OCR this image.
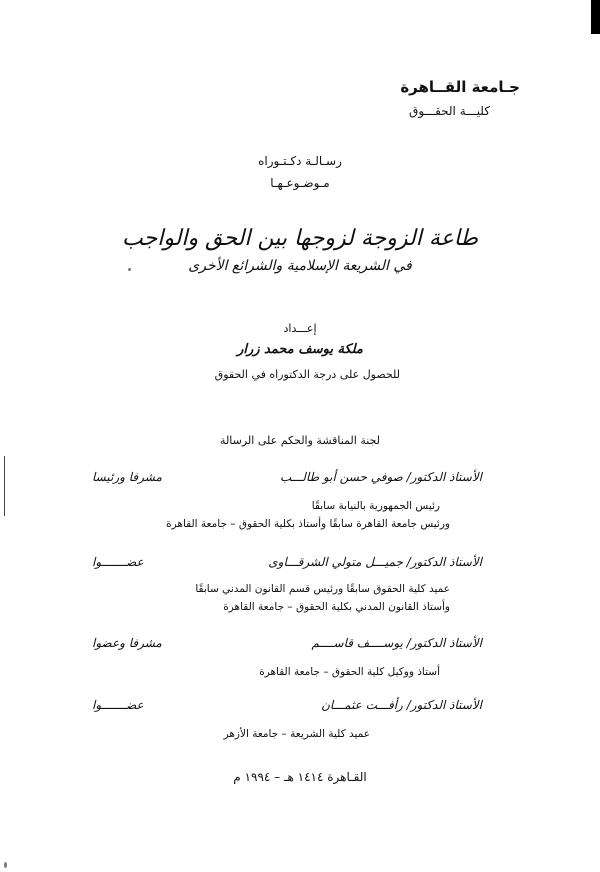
جـامعة القــاهرة
كليـــة الحقـــوق
رسـالـة دكـتـوراه
مـوضـوعـهـا
طاعة الزوجة لزوجها بين الحق والواجب
في الشريعة الإسلامية والشرائع الأخرى
إعـــداد
ملكة يوسف محمد زرار
للحصول على درجة الدكتوراه في الحقوق
لجنة المناقشة والحكم على الرسالة
الأستاذ الدكتور/ صوفي حسن أبو طالـــب
مشرفا ورئيسا
رئيس الجمهورية بالنيابة سابقًا
ورئيس جامعة القاهرة سابقًا وأستاذ بكلية الحقوق – جامعة القاهرة
الأستاذ الدكتور/ جميـــل متولي الشرقـــاوى
عضـــــــوا
عميد كلية الحقوق سابقًا ورئيس قسم القانون المدني سابقًا
وأستاذ القانون المدني بكلية الحقوق – جامعة القاهرة
الأستاذ الدكتور/ يوســــف قاســــم
مشرفا وعضوا
أستاذ ووكيل كلية الحقوق – جامعة القاهرة
الأستاذ الدكتور/ رأفـــت عثمـــان
عضـــــــوا
عميد كلية الشريعة – جامعة الأزهر
القـاهرة ١٤١٤ هـ – ١٩٩٤ م
